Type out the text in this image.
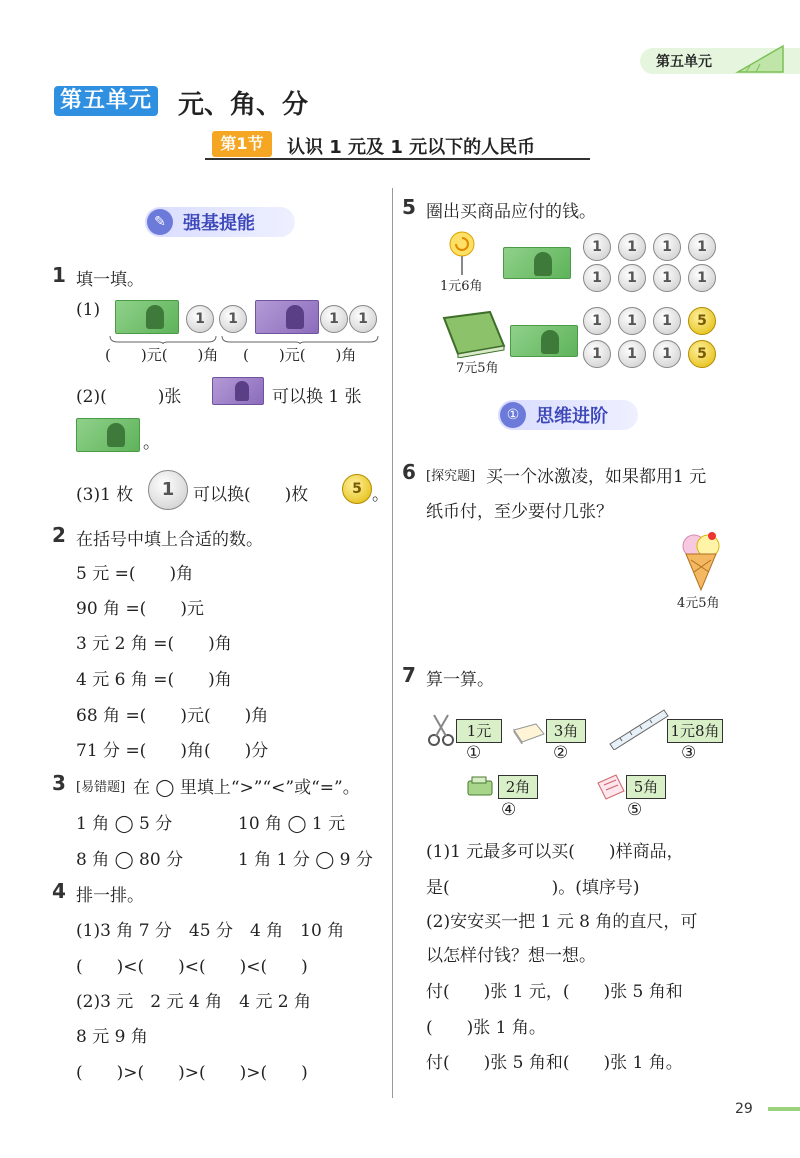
第五单元
第五单元 元、角、分
第1节	认识 1 元及 1 元以下的人民币
✎ 强基提能
1 填一填。
(1)	1	1	1	1
(　　)元(　　)角 (　　)元(　　)角
(2)(　　　)张	可以换 1 张
。
(3)1 枚	1	可以换(　　)枚	5 。
2 在括号中填上合适的数。
5 元 =(　　)角
90 角 =(　　)元
3 元 2 角 =(　　)角
4 元 6 角 =(　　)角
68 角 =(　　)元(　　)角
71 分 =(　　)角(　　)分
3 [易错题] 在 ◯ 里填上“>”“<”或“=”。
1 角 ◯ 5 分	10 角 ◯ 1 元
8 角 ◯ 80 分	1 角 1 分 ◯ 9 分
4 排一排。
(1)3 角 7 分　45 分　4 角　10 角
(　　)<(　　)<(　　)<(　　)
(2)3 元　2 元 4 角　4 元 2 角
8 元 9 角
(　　)>(　　)>(　　)>(　　)
5 圈出买商品应付的钱。
1元6角
1	1	1	1
1	1	1	1
7元5角
1	1	1	5
1	1	1	5
① 思维进阶
6 [探究题] 买一个冰激凌，如果都用1 元
纸币付，至少要付几张？
4元5角
7 算一算。
1元
①
3角
②
1元8角
③
2角
④
5角
⑤
(1)1 元最多可以买(　　)样商品，
是(　　　　　　)。(填序号)
(2)安安买一把 1 元 8 角的直尺，可
以怎样付钱？想一想。
付(　　)张 1 元，(　　)张 5 角和
(　　)张 1 角。
付(　　)张 5 角和(　　)张 1 角。
29
